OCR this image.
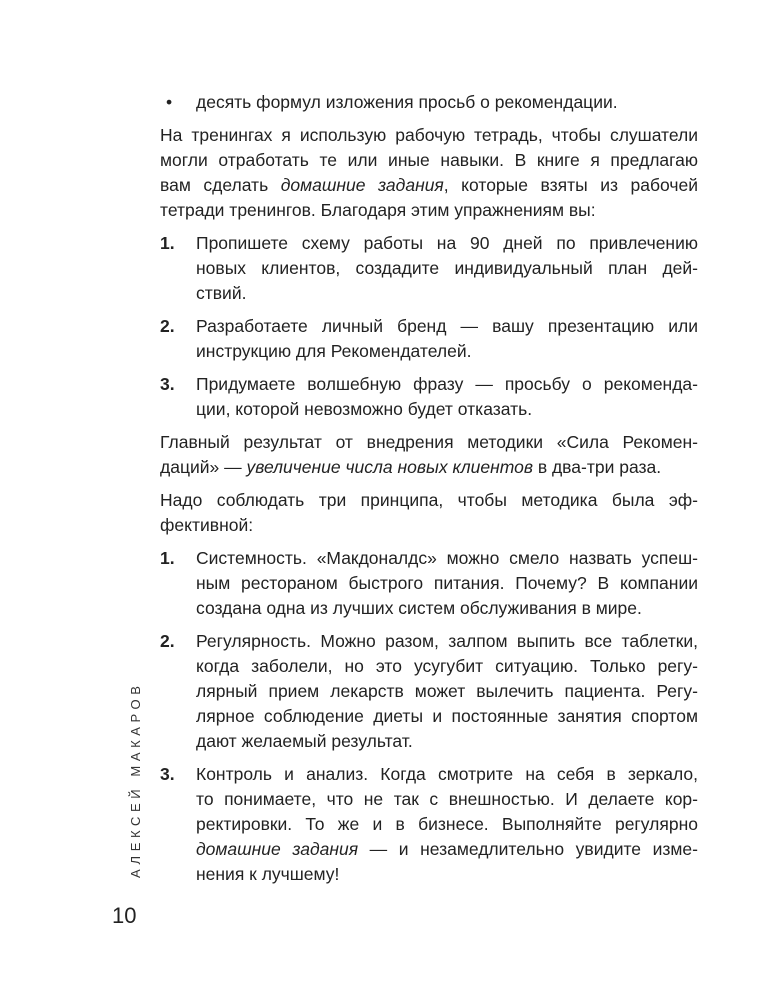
• десять формул изложения просьб о рекомендации.
На тренингах я использую рабочую тетрадь, чтобы слушатели
могли отработать те или иные навыки. В книге я предлагаю
вам сделать домашние задания, которые взяты из рабочей
тетради тренингов. Благодаря этим упражнениям вы:
1. Пропишете схему работы на 90 дней по привлечению
новых клиентов, создадите индивидуальный план дей-
ствий.
2. Разработаете личный бренд — вашу презентацию или
инструкцию для Рекомендателей.
3. Придумаете волшебную фразу — просьбу о рекоменда-
ции, которой невозможно будет отказать.
Главный результат от внедрения методики «Сила Рекомен-
даций» — увеличение числа новых клиентов в два-три раза.
Надо соблюдать три принципа, чтобы методика была эф-
фективной:
1. Системность. «Макдоналдс» можно смело назвать успеш-
ным рестораном быстрого питания. Почему? В компании
создана одна из лучших систем обслуживания в мире.
2. Регулярность. Можно разом, залпом выпить все таблетки,
когда заболели, но это усугубит ситуацию. Только регу-
лярный прием лекарств может вылечить пациента. Регу-
лярное соблюдение диеты и постоянные занятия спортом
дают желаемый результат.
3. Контроль и анализ. Когда смотрите на себя в зеркало,
то понимаете, что не так с внешностью. И делаете кор-
ректировки. То же и в бизнесе. Выполняйте регулярно
домашние задания — и незамедлительно увидите изме-
нения к лучшему!
АЛЕКСЕЙ МАКАРОВ
10
